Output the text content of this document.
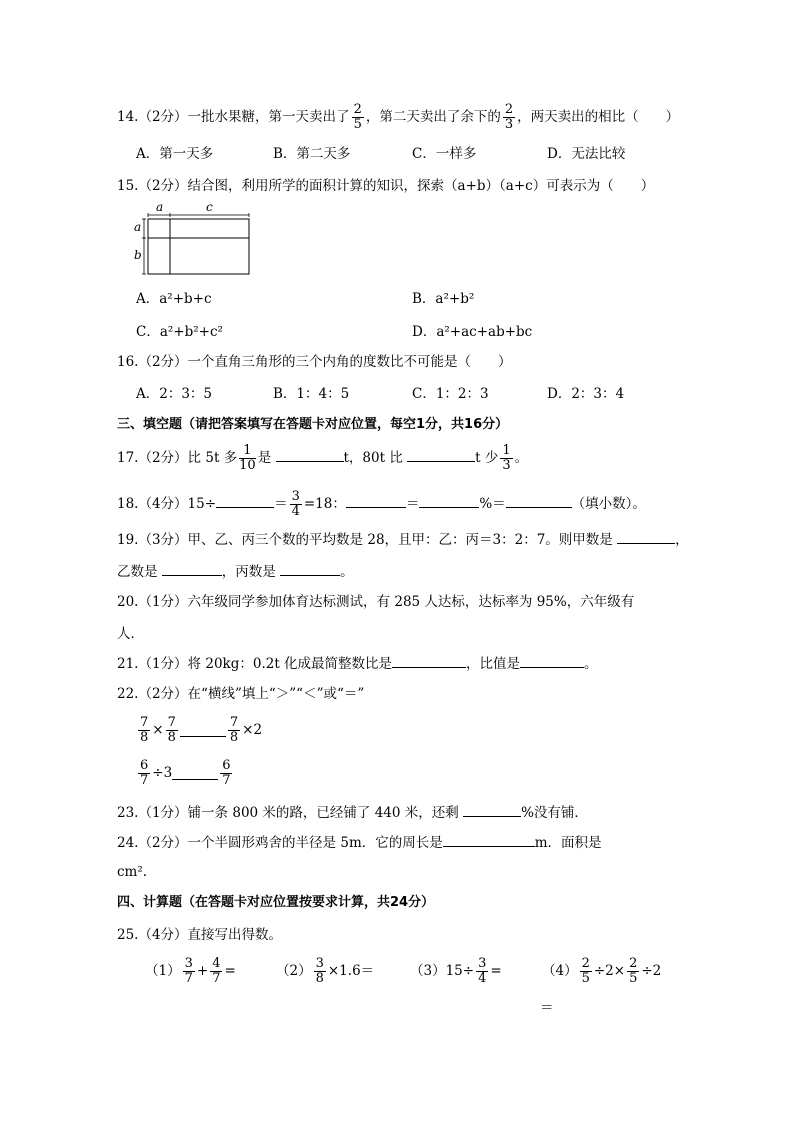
14.（2分）一批水果糖，第一天卖出了 $\frac{2}{5}$ ，第二天卖出了余下的 $\frac{2}{3}$ ，两天卖出的相比（　　）
A．第一天多	B．第二天多	C．一样多	D．无法比较
15.（2分）结合图，利用所学的面积计算的知识，探索（a+b）（a+c）可表示为（　　）
a	c
a
b
A．a²+b+c	B．a²+b²
C．a²+b²+c²	D．a²+ac+ab+bc
16.（2分）一个直角三角形的三个内角的度数比不可能是（　　）
A．2：3：5	B．1：4：5	C．1：2：3	D．2：3：4
三、填空题（请把答案填写在答题卡对应位置，每空1分，共16分）
17.（2分）比 5t 多 $\frac{1}{10}$ 是	t，80t 比	t 少 $\frac{1}{3}$ 。
18.（4分）15÷	＝ $\frac{3}{4} =18$：	＝	%＝	（填小数）。
19.（3分）甲、乙、丙三个数的平均数是 28，且甲：乙：丙＝3：2：7。则甲数是	，
乙数是	，丙数是	。
20.（1分）六年级同学参加体育达标测试，有 285 人达标，达标率为 95%，六年级有
人．
21.（1分）将 20kg：0.2t 化成最简整数比是	，比值是	。
22.（2分）在“横线”填上“＞”“＜”或“＝”
$\frac{7}{8} \times \frac{7}{8}$	$\frac{7}{8} \times 2$
$\frac{6}{7} \div 3$	$\frac{6}{7}$
23.（1分）铺一条 800 米的路，已经铺了 440 米，还剩	%没有铺．
24.（2分）一个半圆形鸡舍的半径是 5m．它的周长是	m．面积是
cm².
四、计算题（在答题卡对应位置按要求计算，共24分）
25.（4分）直接写出得数。
$(1) \frac{3}{7} + \frac{4}{7}$ =	$(2) \frac{3}{8} \times 1.6=$	$(3)15\div \frac{3}{4}$ =	$(4) \frac{2}{5} \div 2\times \frac{2}{5} \div 2$
＝
